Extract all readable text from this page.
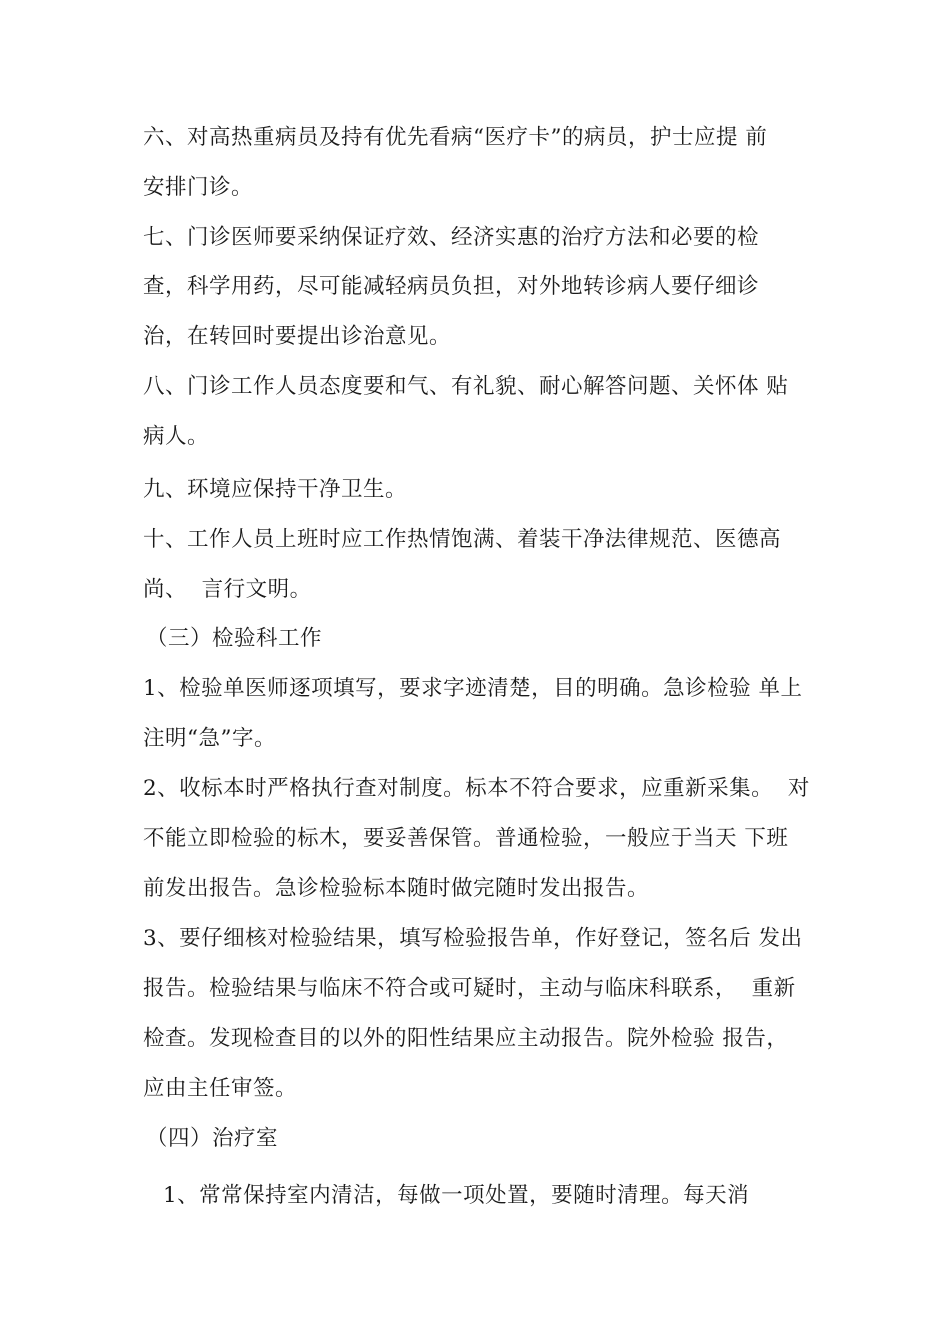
六、对高热重病员及持有优先看病“医疗卡”的病员，护士应提 前
安排门诊。
七、门诊医师要采纳保证疗效、经济实惠的治疗方法和必要的检
查，科学用药，尽可能减轻病员负担，对外地转诊病人要仔细诊
治，在转回时要提出诊治意见。
八、门诊工作人员态度要和气、有礼貌、耐心解答问题、关怀体 贴
病人。
九、环境应保持干净卫生。
十、工作人员上班时应工作热情饱满、着装干净法律规范、医德高
尚、  言行文明。
（三）检验科工作
1、检验单医师逐项填写，要求字迹清楚，目的明确。急诊检验 单上
注明“急”字。
2、收标本时严格执行查对制度。标本不符合要求，应重新采集。  对
不能立即检验的标木，要妥善保管。普通检验，一般应于当天 下班
前发出报告。急诊检验标本随时做完随时发出报告。
3、要仔细核对检验结果，填写检验报告单，作好登记，签名后 发出
报告。检验结果与临床不符合或可疑时，主动与临床科联系，  重新
检查。发现检查目的以外的阳性结果应主动报告。院外检验 报告，
应由主任审签。
（四）治疗室
1、常常保持室内清洁，每做一项处置，要随时清理。每天消
